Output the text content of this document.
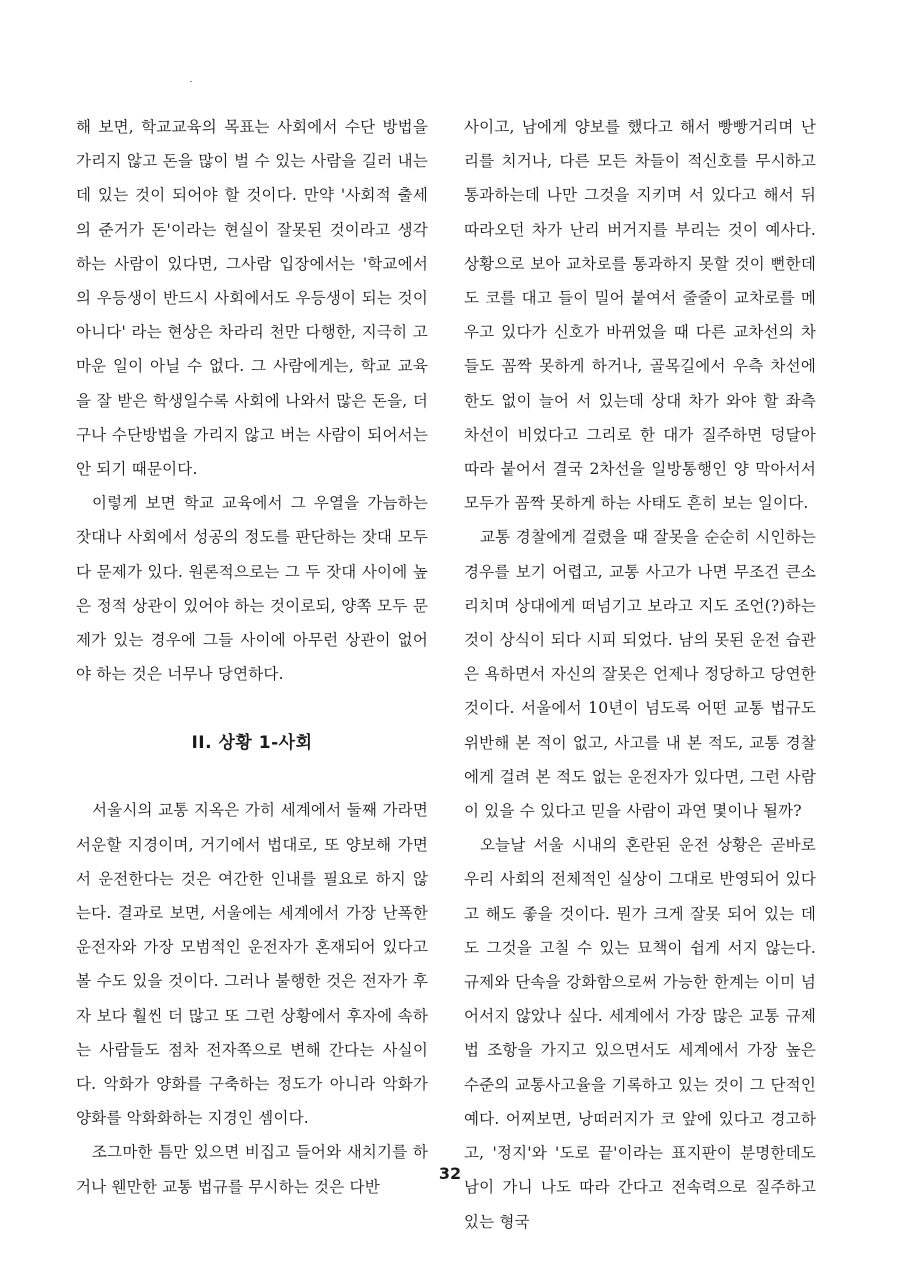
해 보면, 학교교육의 목표는 사회에서 수단 방법을 가리지 않고 돈을 많이 벌 수 있는 사람을 길러 내는 데 있는 것이 되어야 할 것이다. 만약 '사회적 출세의 준거가 돈'이라는 현실이 잘못된 것이라고 생각하는 사람이 있다면, 그사람 입장에서는 '학교에서의 우등생이 반드시 사회에서도 우등생이 되는 것이 아니다' 라는 현상은 차라리 천만 다행한, 지극히 고마운 일이 아닐 수 없다. 그 사람에게는, 학교 교육을 잘 받은 학생일수록 사회에 나와서 많은 돈을, 더구나 수단방법을 가리지 않고 버는 사람이 되어서는 안 되기 때문이다.

이렇게 보면 학교 교육에서 그 우열을 가늠하는 잣대나 사회에서 성공의 정도를 판단하는 잣대 모두 다 문제가 있다. 원론적으로는 그 두 잣대 사이에 높은 정적 상관이 있어야 하는 것이로되, 양쪽 모두 문제가 있는 경우에 그들 사이에 아무런 상관이 없어야 하는 것은 너무나 당연하다.

II. 상황 1-사회

서울시의 교통 지옥은 가히 세계에서 둘째 가라면 서운할 지경이며, 거기에서 법대로, 또 양보해 가면서 운전한다는 것은 여간한 인내를 필요로 하지 않는다. 결과로 보면, 서울에는 세계에서 가장 난폭한 운전자와 가장 모범적인 운전자가 혼재되어 있다고 볼 수도 있을 것이다. 그러나 불행한 것은 전자가 후자 보다 훨씬 더 많고 또 그런 상황에서 후자에 속하는 사람들도 점차 전자쪽으로 변해 간다는 사실이다. 악화가 양화를 구축하는 정도가 아니라 악화가 양화를 악화화하는 지경인 셈이다.

조그마한 틈만 있으면 비집고 들어와 새치기를 하거나 웬만한 교통 법규를 무시하는 것은 다반

사이고, 남에게 양보를 했다고 해서 빵빵거리며 난리를 치거나, 다른 모든 차들이 적신호를 무시하고 통과하는데 나만 그것을 지키며 서 있다고 해서 뒤 따라오던 차가 난리 버거지를 부리는 것이 예사다. 상황으로 보아 교차로를 통과하지 못할 것이 뻔한데도 코를 대고 들이 밀어 붙여서 줄줄이 교차로를 메우고 있다가 신호가 바뀌었을 때 다른 교차선의 차들도 꼼짝 못하게 하거나, 골목길에서 우측 차선에 한도 없이 늘어 서 있는데 상대 차가 와야 할 좌측 차선이 비었다고 그리로 한 대가 질주하면 덩달아 따라 붙어서 결국 2차선을 일방통행인 양 막아서서 모두가 꼼짝 못하게 하는 사태도 흔히 보는 일이다.

교통 경찰에게 걸렸을 때 잘못을 순순히 시인하는 경우를 보기 어렵고, 교통 사고가 나면 무조건 큰소리치며 상대에게 떠넘기고 보라고 지도 조언(?)하는 것이 상식이 되다 시피 되었다. 남의 못된 운전 습관은 욕하면서 자신의 잘못은 언제나 정당하고 당연한 것이다. 서울에서 10년이 넘도록 어떤 교통 법규도 위반해 본 적이 없고, 사고를 내 본 적도, 교통 경찰에게 걸려 본 적도 없는 운전자가 있다면, 그런 사람이 있을 수 있다고 믿을 사람이 과연 몇이나 될까?

오늘날 서울 시내의 혼란된 운전 상황은 곧바로 우리 사회의 전체적인 실상이 그대로 반영되어 있다고 해도 좋을 것이다. 뭔가 크게 잘못 되어 있는 데도 그것을 고칠 수 있는 묘책이 쉽게 서지 않는다. 규제와 단속을 강화함으로써 가능한 한계는 이미 넘어서지 않았나 싶다. 세계에서 가장 많은 교통 규제 법 조항을 가지고 있으면서도 세계에서 가장 높은 수준의 교통사고율을 기록하고 있는 것이 그 단적인 예다. 어찌보면, 낭떠러지가 코 앞에 있다고 경고하고, '정지'와 '도로 끝'이라는 표지판이 분명한데도 남이 가니 나도 따라 간다고 전속력으로 질주하고 있는 형국

32
